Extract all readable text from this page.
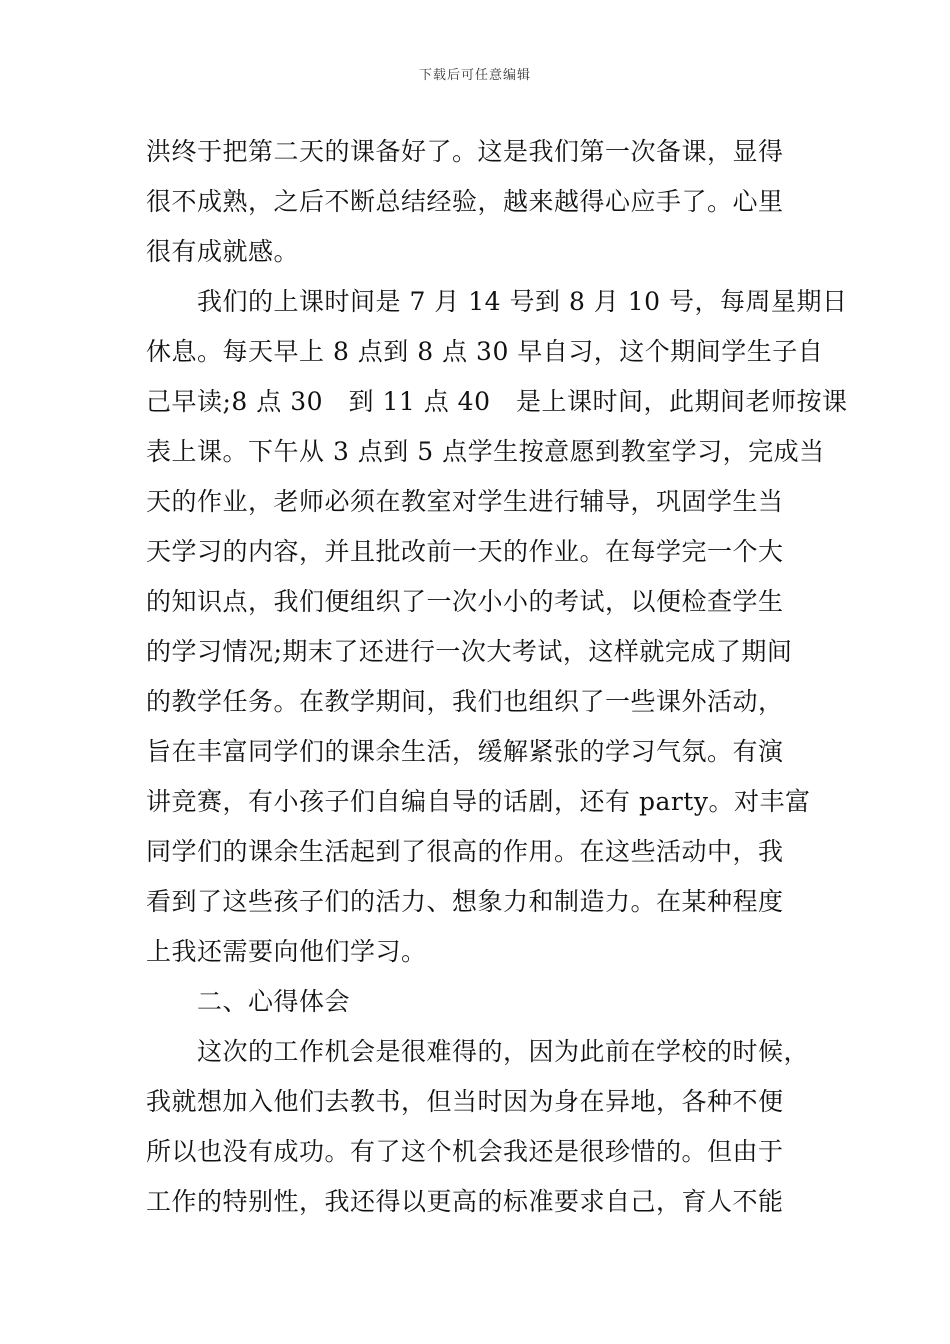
下载后可任意编辑
洪终于把第二天的课备好了。这是我们第一次备课，显得
很不成熟，之后不断总结经验，越来越得心应手了。心里
很有成就感。
　　我们的上课时间是 7 月 14 号到 8 月 10 号，每周星期日
休息。每天早上 8 点到 8 点 30 早自习，这个期间学生子自
己早读;8 点 30　到 11 点 40　是上课时间，此期间老师按课
表上课。下午从 3 点到 5 点学生按意愿到教室学习，完成当
天的作业，老师必须在教室对学生进行辅导，巩固学生当
天学习的内容，并且批改前一天的作业。在每学完一个大
的知识点，我们便组织了一次小小的考试，以便检查学生
的学习情况;期末了还进行一次大考试，这样就完成了期间
的教学任务。在教学期间，我们也组织了一些课外活动，
旨在丰富同学们的课余生活，缓解紧张的学习气氛。有演
讲竞赛，有小孩子们自编自导的话剧，还有 party。对丰富
同学们的课余生活起到了很高的作用。在这些活动中，我
看到了这些孩子们的活力、想象力和制造力。在某种程度
上我还需要向他们学习。
　　二、心得体会
　　这次的工作机会是很难得的，因为此前在学校的时候，
我就想加入他们去教书，但当时因为身在异地，各种不便
所以也没有成功。有了这个机会我还是很珍惜的。但由于
工作的特别性，我还得以更高的标准要求自己，育人不能
